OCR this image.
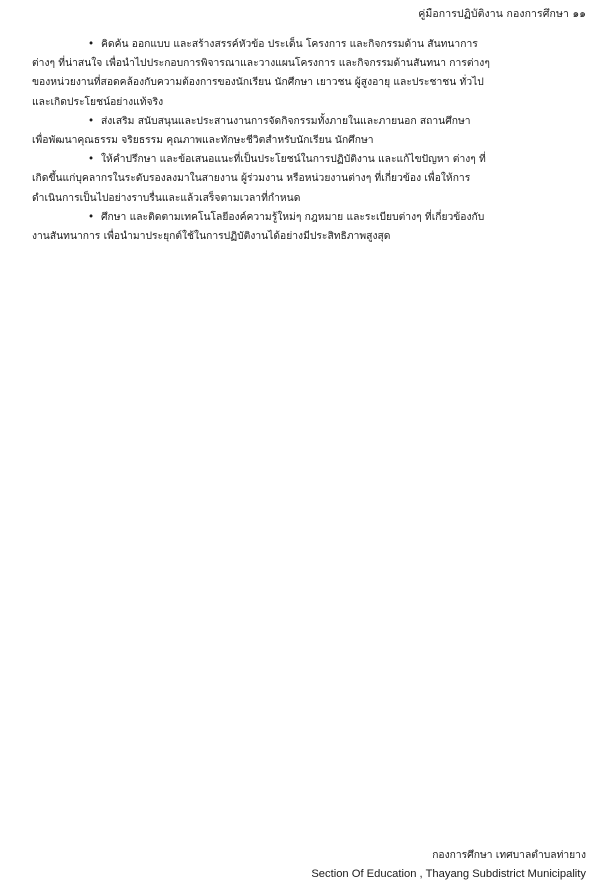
คู่มือการปฏิบัติงาน กองการศึกษา ๑๑
• คิดค้น ออกแบบ และสร้างสรรค์หัวข้อ ประเด็น โครงการ และกิจกรรมด้าน สันทนาการ
ต่างๆ ที่น่าสนใจ เพื่อนำไปประกอบการพิจารณาและวางแผนโครงการ และกิจกรรมด้านสันทนา การต่างๆ
ของหน่วยงานที่สอดคล้องกับความต้องการของนักเรียน นักศึกษา เยาวชน ผู้สูงอายุ และประชาชน ทั่วไป
และเกิดประโยชน์อย่างแท้จริง
• ส่งเสริม สนับสนุนและประสานงานการจัดกิจกรรมทั้งภายในและภายนอก สถานศึกษา
เพื่อพัฒนาคุณธรรม จริยธรรม คุณภาพและทักษะชีวิตสำหรับนักเรียน นักศึกษา
• ให้คำปรึกษา และข้อเสนอแนะที่เป็นประโยชน์ในการปฏิบัติงาน และแก้ไขปัญหา ต่างๆ ที่
เกิดขึ้นแก่บุคลากรในระดับรองลงมาในสายงาน ผู้ร่วมงาน หรือหน่วยงานต่างๆ ที่เกี่ยวข้อง เพื่อให้การ
ดำเนินการเป็นไปอย่างราบรื่นและแล้วเสร็จตามเวลาที่กำหนด
• ศึกษา และติดตามเทคโนโลยีองค์ความรู้ใหม่ๆ กฎหมาย และระเบียบต่างๆ ที่เกี่ยวข้องกับ
งานสันทนาการ เพื่อนำมาประยุกต์ใช้ในการปฏิบัติงานได้อย่างมีประสิทธิภาพสูงสุด
กองการศึกษา เทศบาลตำบลท่ายาง
Section Of Education , Thayang Subdistrict Municipality
